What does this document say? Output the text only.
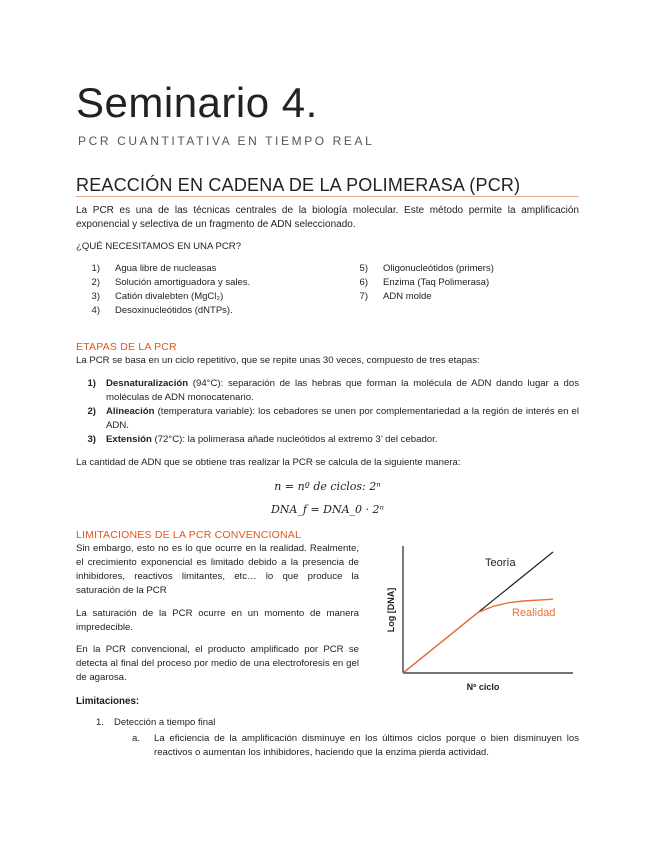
Seminario 4.
PCR CUANTITATIVA EN TIEMPO REAL
REACCIÓN EN CADENA DE LA POLIMERASA (PCR)
La PCR es una de las técnicas centrales de la biología molecular. Este método permite la amplificación exponencial y selectiva de un fragmento de ADN seleccionado.
¿QUÉ NECESITAMOS EN UNA PCR?
1) Agua libre de nucleasas
2) Solución amortiguadora y sales.
3) Catión divalebten (MgCl₂)
4) Desoxinucleótidos (dNTPs).
5) Oligonucleótidos (primers)
6) Enzima (Taq Polimerasa)
7) ADN molde
ETAPAS DE LA PCR
La PCR se basa en un ciclo repetitivo, que se repite unas 30 veces, compuesto de tres etapas:
1) Desnaturalización (94°C): separación de las hebras que forman la molécula de ADN dando lugar a dos moléculas de ADN monocatenario.
2) Alineación (temperatura variable): los cebadores se unen por complementariedad a la región de interés en el ADN.
3) Extensión (72°C): la polimerasa añade nucleótidos al extremo 3’ del cebador.
La cantidad de ADN que se obtiene tras realizar la PCR se calcula de la siguiente manera:
n = nº de ciclos: 2ⁿ
DNA_f = DNA_0 · 2ⁿ
LIMITACIONES DE LA PCR CONVENCIONAL
Sin embargo, esto no es lo que ocurre en la realidad. Realmente, el crecimiento exponencial es limitado debido a la presencia de inhibidores, reactivos limitantes, etc… lo que produce la saturación de la PCR
La saturación de la PCR ocurre en un momento de manera impredecible.
En la PCR convencional, el producto amplificado por PCR se detecta al final del proceso por medio de una electroforesis en gel de agarosa.
Limitaciones:
1.	Detección a tiempo final
a.	La eficiencia de la amplificación disminuye en los últimos ciclos porque o bien disminuyen los reactivos o aumentan los inhibidores, haciendo que la enzima pierda actividad.
Teoría
Realidad
Log [DNA]
Nº ciclo
